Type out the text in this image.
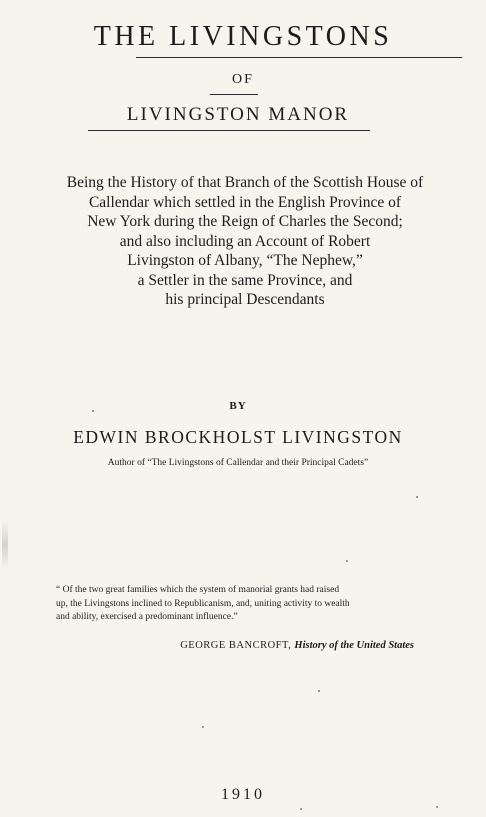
THE LIVINGSTONS
OF
LIVINGSTON MANOR
Being the History of that Branch of the Scottish House of
Callendar which settled in the English Province of
New York during the Reign of Charles the Second;
and also including an Account of Robert
Livingston of Albany, “The Nephew,”
a Settler in the same Province, and
his principal Descendants
BY
EDWIN BROCKHOLST LIVINGSTON
Author of “The Livingstons of Callendar and their Principal Cadets”
“ Of the two great families which the system of manorial grants had raised
up, the Livingstons inclined to Republicanism, and, uniting activity to wealth
and ability, exercised a predominant influence.”
GEORGE BANCROFT, History of the United States
1910
